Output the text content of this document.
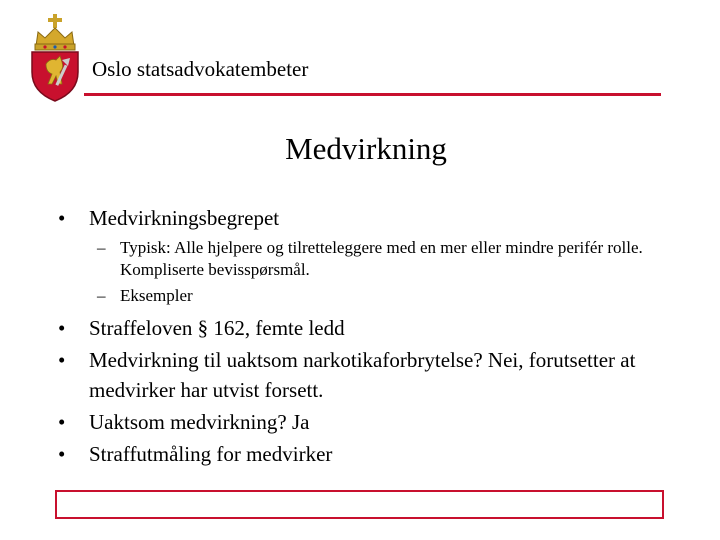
Oslo statsadvokatembeter
Medvirkning
• Medvirkningsbegrepet
– Typisk: Alle hjelpere og tilretteleggere med en mer eller mindre perifér rolle. Kompliserte bevisspørsmål.
– Eksempler
• Straffeloven § 162, femte ledd
• Medvirkning til uaktsom narkotikaforbrytelse? Nei, forutsetter at medvirker har utvist forsett.
• Uaktsom medvirkning? Ja
• Straffutmåling for medvirker
